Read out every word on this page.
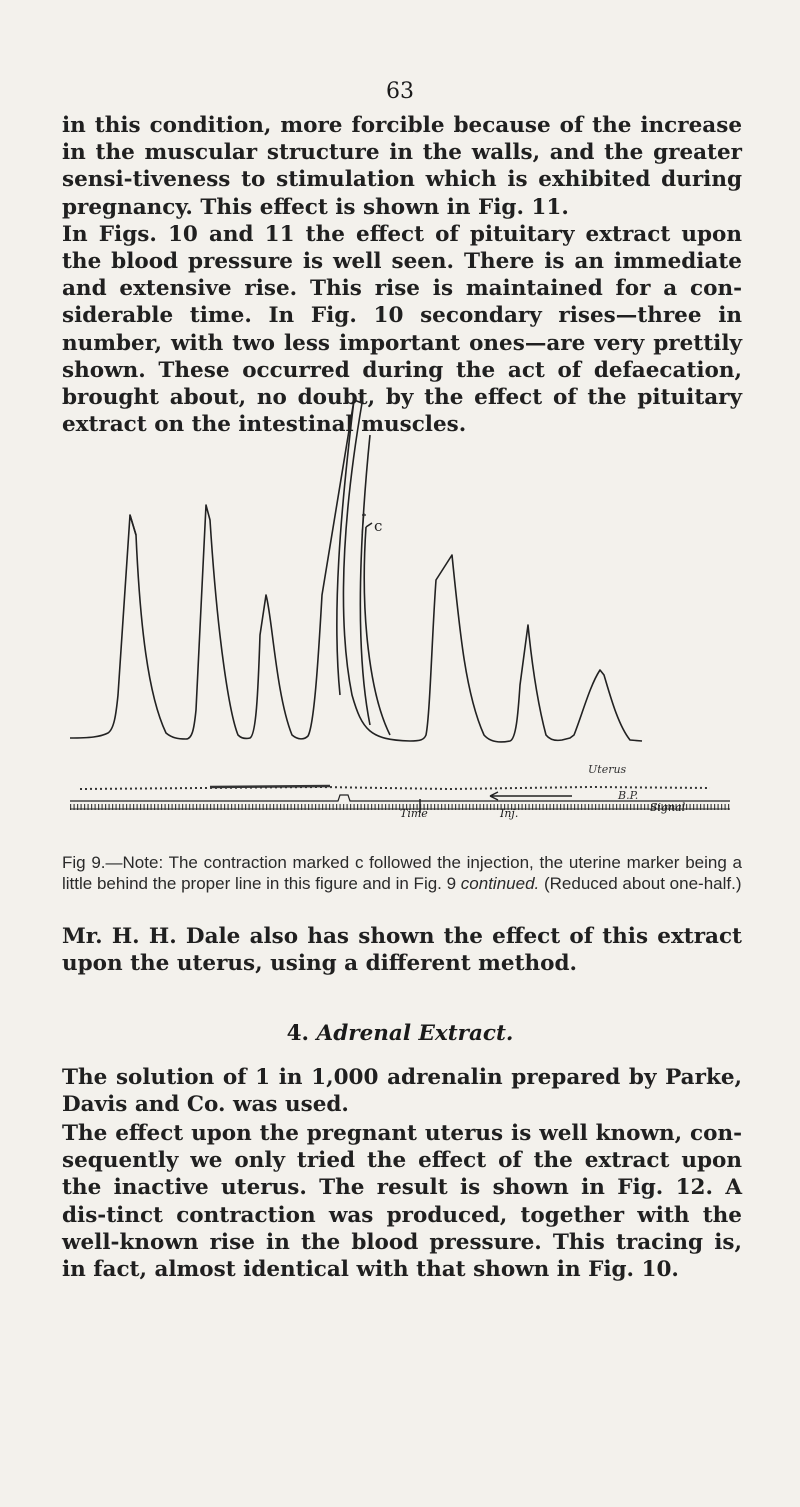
63

in this condition, more forcible because of the increase in the muscular structure in the walls, and the greater sensi-tiveness to stimulation which is exhibited during pregnancy. This effect is shown in Fig. 11.

In Figs. 10 and 11 the effect of pituitary extract upon the blood pressure is well seen. There is an immediate and extensive rise. This rise is maintained for a con-siderable time. In Fig. 10 secondary rises—three in number, with two less important ones—are very prettily shown. These occurred during the act of defaecation, brought about, no doubt, by the effect of the pituitary extract on the intestinal muscles.

c
Uterus
B.P.
Time	Inj.	Signal
Fig 9.—Note: The contraction marked c followed the injection, the uterine marker being a little behind the proper line in this figure and in Fig. 9 continued. (Reduced about one-half.)

Mr. H. H. Dale also has shown the effect of this extract upon the uterus, using a different method.

4. Adrenal Extract.

The solution of 1 in 1,000 adrenalin prepared by Parke, Davis and Co. was used.

The effect upon the pregnant uterus is well known, con-sequently we only tried the effect of the extract upon the inactive uterus. The result is shown in Fig. 12. A dis-tinct contraction was produced, together with the well-known rise in the blood pressure. This tracing is, in fact, almost identical with that shown in Fig. 10.
